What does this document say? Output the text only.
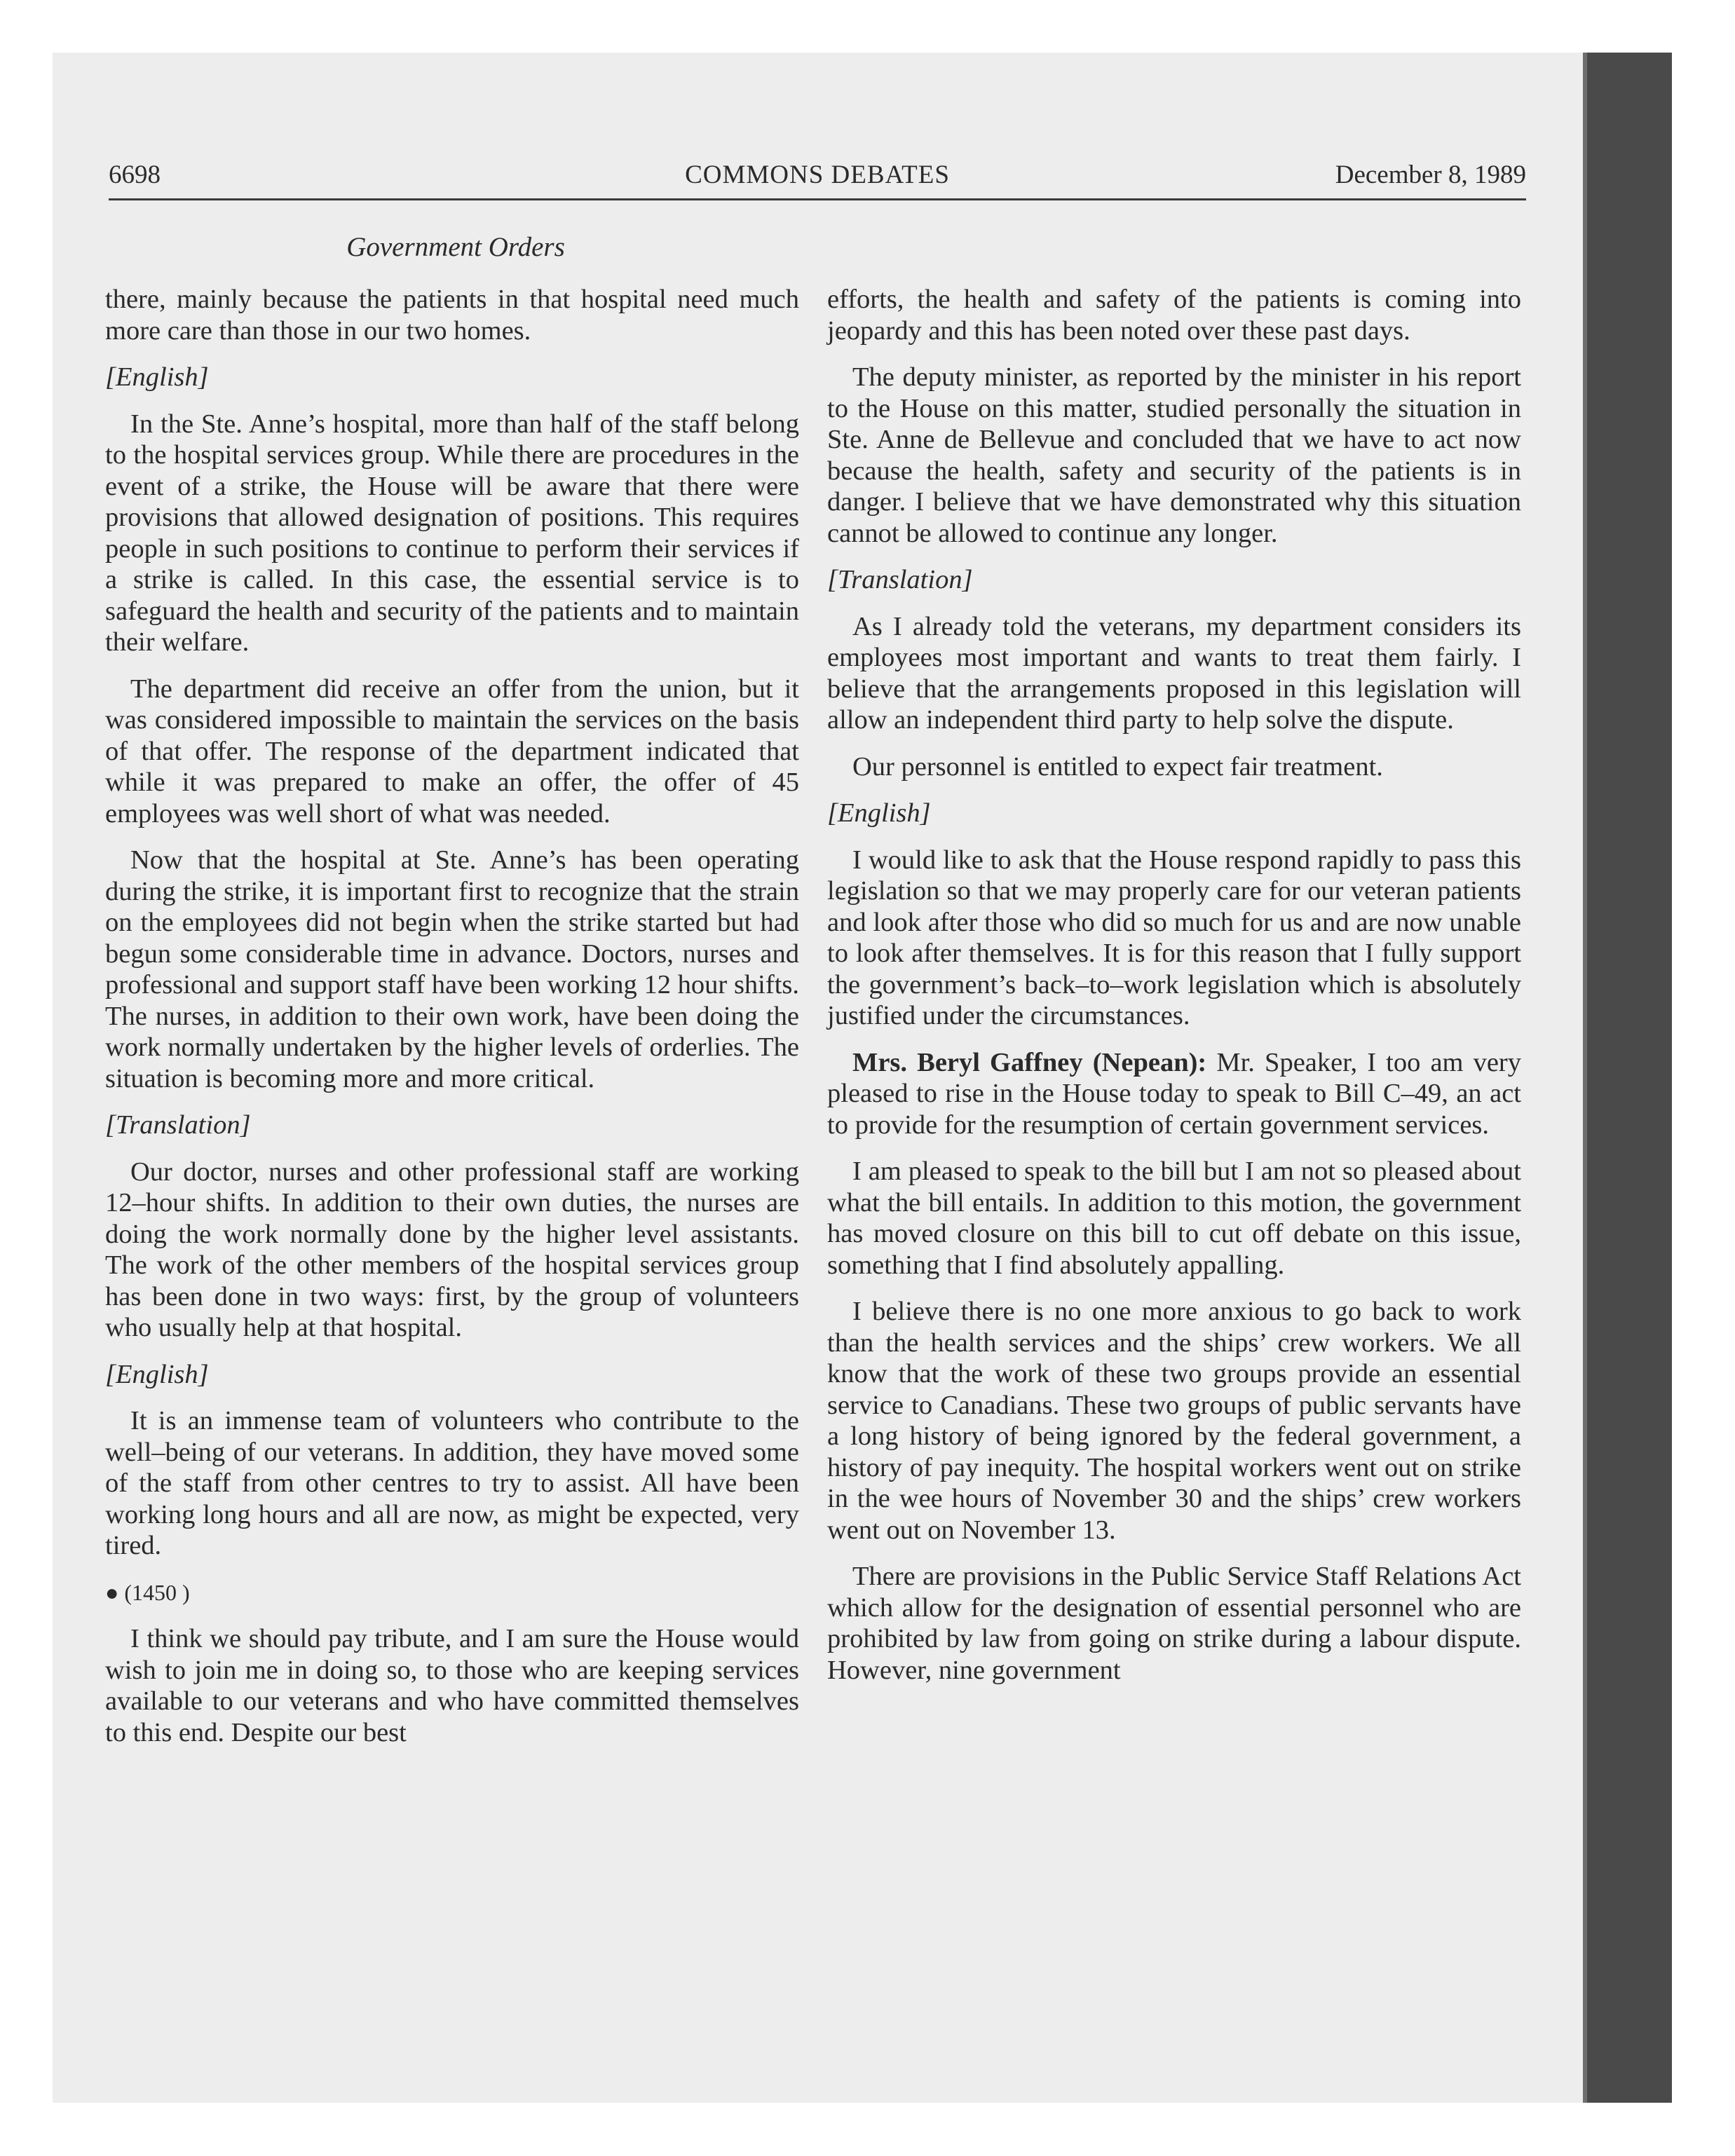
6698	COMMONS DEBATES	December 8, 1989
Government Orders

there, mainly because the patients in that hospital need much more care than those in our two homes.

[English]

In the Ste. Anne’s hospital, more than half of the staff belong to the hospital services group. While there are procedures in the event of a strike, the House will be aware that there were provisions that allowed designation of positions. This requires people in such positions to continue to perform their services if a strike is called. In this case, the essential service is to safeguard the health and security of the patients and to maintain their welfare.

The department did receive an offer from the union, but it was considered impossible to maintain the services on the basis of that offer. The response of the department indicated that while it was prepared to make an offer, the offer of 45 employees was well short of what was needed.

Now that the hospital at Ste. Anne’s has been operating during the strike, it is important first to recognize that the strain on the employees did not begin when the strike started but had begun some considerable time in advance. Doctors, nurses and professional and support staff have been working 12 hour shifts. The nurses, in addition to their own work, have been doing the work normally undertaken by the higher levels of orderlies. The situation is becoming more and more critical.

[Translation]

Our doctor, nurses and other professional staff are working 12–hour shifts. In addition to their own duties, the nurses are doing the work normally done by the higher level assistants. The work of the other members of the hospital services group has been done in two ways: first, by the group of volunteers who usually help at that hospital.

[English]

It is an immense team of volunteers who contribute to the well–being of our veterans. In addition, they have moved some of the staff from other centres to try to assist. All have been working long hours and all are now, as might be expected, very tired.

● (1450 )

I think we should pay tribute, and I am sure the House would wish to join me in doing so, to those who are keeping services available to our veterans and who have committed themselves to this end. Despite our best

efforts, the health and safety of the patients is coming into jeopardy and this has been noted over these past days.

The deputy minister, as reported by the minister in his report to the House on this matter, studied personally the situation in Ste. Anne de Bellevue and concluded that we have to act now because the health, safety and security of the patients is in danger. I believe that we have demonstrated why this situation cannot be allowed to continue any longer.

[Translation]

As I already told the veterans, my department considers its employees most important and wants to treat them fairly. I believe that the arrangements proposed in this legislation will allow an independent third party to help solve the dispute.

Our personnel is entitled to expect fair treatment.

[English]

I would like to ask that the House respond rapidly to pass this legislation so that we may properly care for our veteran patients and look after those who did so much for us and are now unable to look after themselves. It is for this reason that I fully support the government’s back–to–work legislation which is absolutely justified under the circumstances.

Mrs. Beryl Gaffney (Nepean): Mr. Speaker, I too am very pleased to rise in the House today to speak to Bill C–49, an act to provide for the resumption of certain government services.

I am pleased to speak to the bill but I am not so pleased about what the bill entails. In addition to this motion, the government has moved closure on this bill to cut off debate on this issue, something that I find absolutely appalling.

I believe there is no one more anxious to go back to work than the health services and the ships’ crew workers. We all know that the work of these two groups provide an essential service to Canadians. These two groups of public servants have a long history of being ignored by the federal government, a history of pay inequity. The hospital workers went out on strike in the wee hours of November 30 and the ships’ crew workers went out on November 13.

There are provisions in the Public Service Staff Relations Act which allow for the designation of essential personnel who are prohibited by law from going on strike during a labour dispute. However, nine government
